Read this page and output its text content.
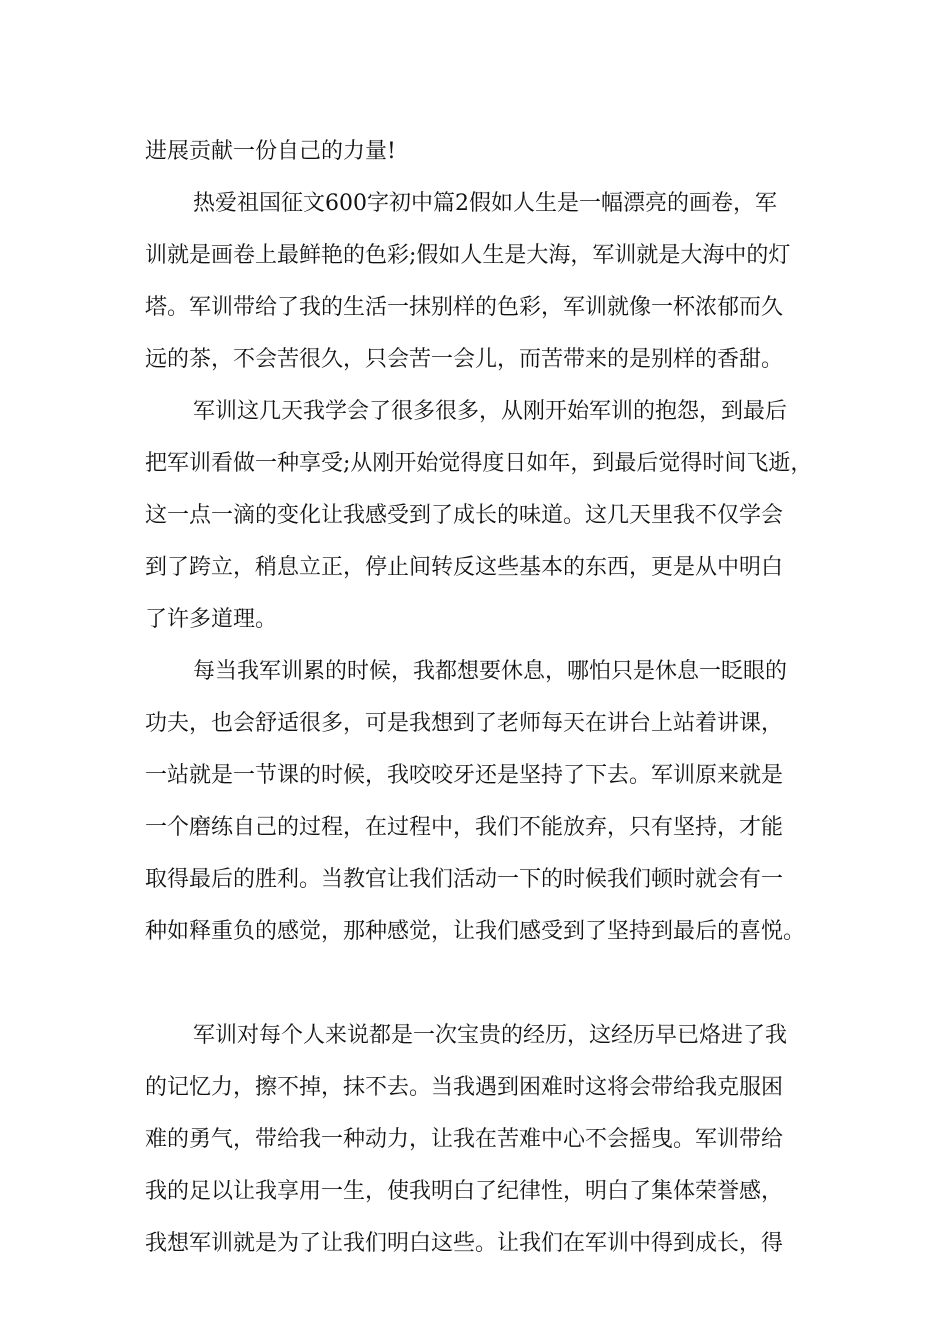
进展贡献一份自己的力量!
热爱祖国征文600字初中篇2假如人生是一幅漂亮的画卷，军
训就是画卷上最鲜艳的色彩;假如人生是大海，军训就是大海中的灯
塔。军训带给了我的生活一抹别样的色彩，军训就像一杯浓郁而久
远的茶，不会苦很久，只会苦一会儿，而苦带来的是别样的香甜。
军训这几天我学会了很多很多，从刚开始军训的抱怨，到最后
把军训看做一种享受;从刚开始觉得度日如年，到最后觉得时间飞逝，
这一点一滴的变化让我感受到了成长的味道。这几天里我不仅学会
到了跨立，稍息立正，停止间转反这些基本的东西，更是从中明白
了许多道理。
每当我军训累的时候，我都想要休息，哪怕只是休息一眨眼的
功夫，也会舒适很多，可是我想到了老师每天在讲台上站着讲课，
一站就是一节课的时候，我咬咬牙还是坚持了下去。军训原来就是
一个磨练自己的过程，在过程中，我们不能放弃，只有坚持，才能
取得最后的胜利。当教官让我们活动一下的时候我们顿时就会有一
种如释重负的感觉，那种感觉，让我们感受到了坚持到最后的喜悦。
军训对每个人来说都是一次宝贵的经历，这经历早已烙进了我
的记忆力，擦不掉，抹不去。当我遇到困难时这将会带给我克服困
难的勇气，带给我一种动力，让我在苦难中心不会摇曳。军训带给
我的足以让我享用一生，使我明白了纪律性，明白了集体荣誉感，
我想军训就是为了让我们明白这些。让我们在军训中得到成长，得
